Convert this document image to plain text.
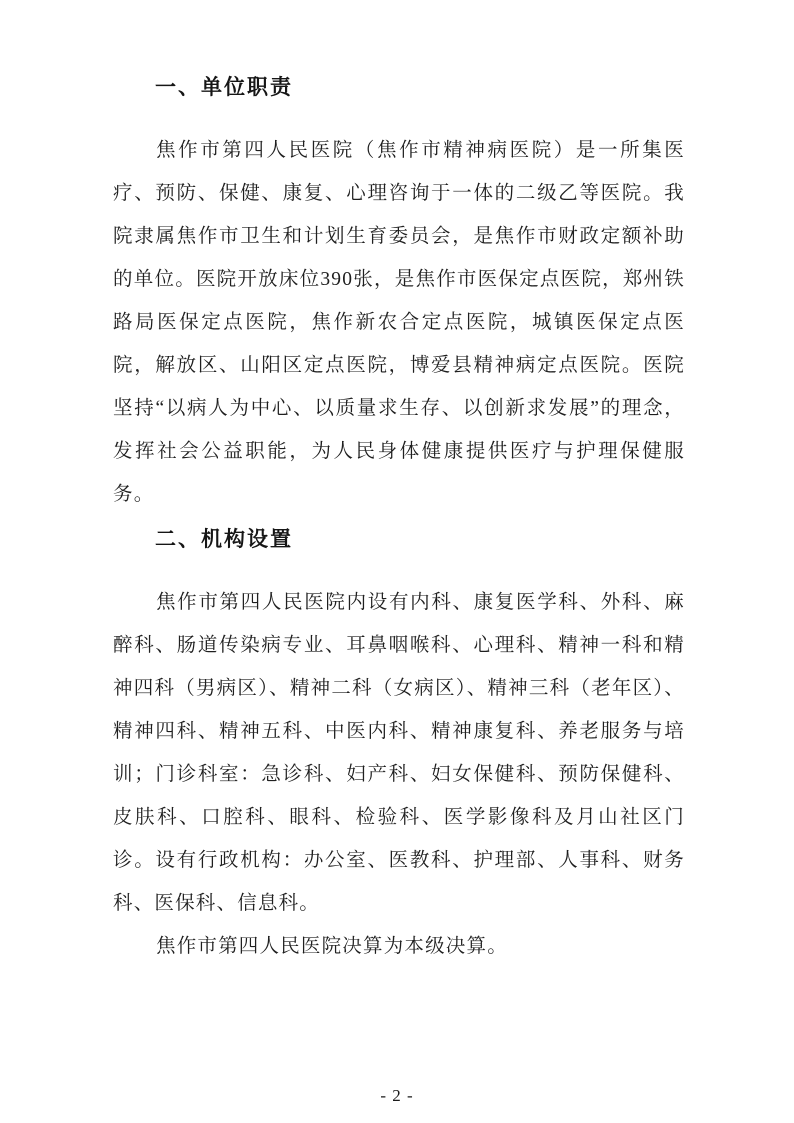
一、单位职责

焦作市第四人民医院（焦作市精神病医院）是一所集医疗、预防、保健、康复、心理咨询于一体的二级乙等医院。我院隶属焦作市卫生和计划生育委员会，是焦作市财政定额补助的单位。医院开放床位390张，是焦作市医保定点医院，郑州铁路局医保定点医院，焦作新农合定点医院，城镇医保定点医院，解放区、山阳区定点医院，博爱县精神病定点医院。医院坚持“以病人为中心、以质量求生存、以创新求发展”的理念，发挥社会公益职能，为人民身体健康提供医疗与护理保健服务。

二、机构设置

焦作市第四人民医院内设有内科、康复医学科、外科、麻醉科、肠道传染病专业、耳鼻咽喉科、心理科、精神一科和精神四科（男病区）、精神二科（女病区）、精神三科（老年区）、精神四科、精神五科、中医内科、精神康复科、养老服务与培训；门诊科室：急诊科、妇产科、妇女保健科、预防保健科、皮肤科、口腔科、眼科、检验科、医学影像科及月山社区门诊。设有行政机构：办公室、医教科、护理部、人事科、财务科、医保科、信息科。

焦作市第四人民医院决算为本级决算。

- 2 -
